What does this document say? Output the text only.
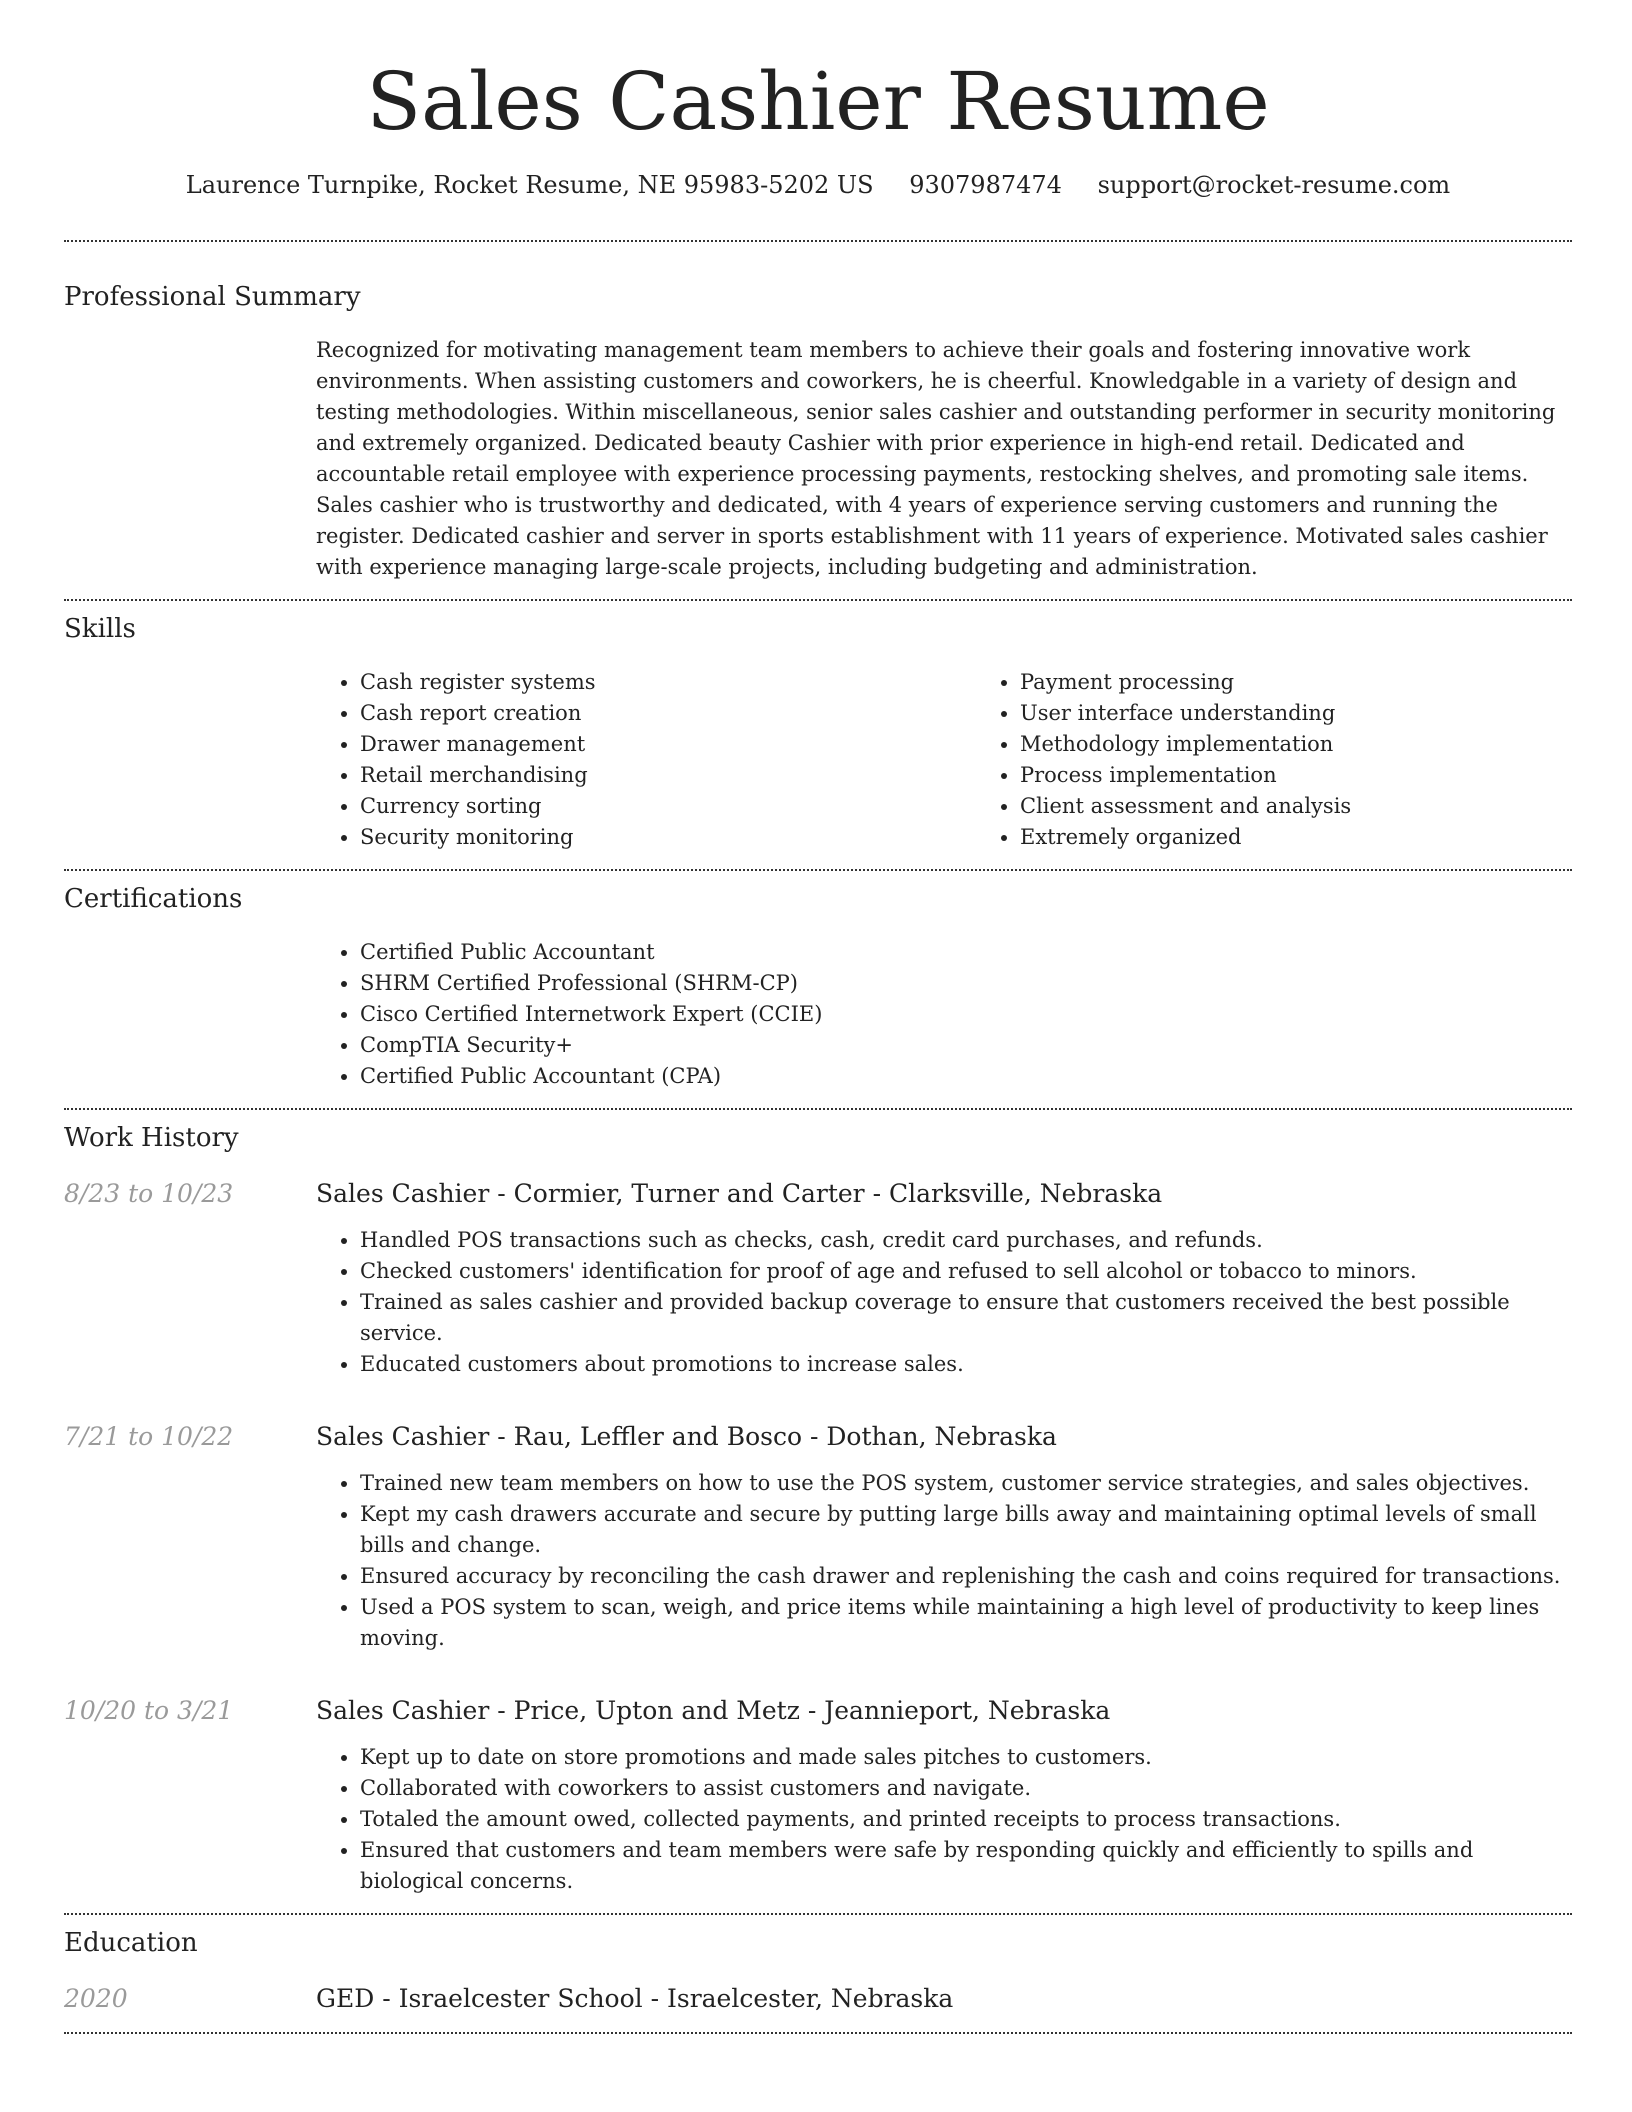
Sales Cashier Resume
Laurence Turnpike, Rocket Resume, NE 95983-5202 US 9307987474 support@rocket-resume.com
Professional Summary

Recognized for motivating management team members to achieve their goals and fostering innovative work environments. When assisting customers and coworkers, he is cheerful. Knowledgable in a variety of design and testing methodologies. Within miscellaneous, senior sales cashier and outstanding performer in security monitoring and extremely organized. Dedicated beauty Cashier with prior experience in high-end retail. Dedicated and accountable retail employee with experience processing payments, restocking shelves, and promoting sale items. Sales cashier who is trustworthy and dedicated, with 4 years of experience serving customers and running the register. Dedicated cashier and server in sports establishment with 11 years of experience. Motivated sales cashier with experience managing large-scale projects, including budgeting and administration.

Skills
• Cash register systems
• Cash report creation
• Drawer management
• Retail merchandising
• Currency sorting
• Security monitoring
• Payment processing
• User interface understanding
• Methodology implementation
• Process implementation
• Client assessment and analysis
• Extremely organized
Certifications
• Certified Public Accountant
• SHRM Certified Professional (SHRM-CP)
• Cisco Certified Internetwork Expert (CCIE)
• CompTIA Security+
• Certified Public Accountant (CPA)
Work History
8/23 to 10/23	Sales Cashier - Cormier, Turner and Carter - Clarksville, Nebraska
• Handled POS transactions such as checks, cash, credit card purchases, and refunds.
• Checked customers' identification for proof of age and refused to sell alcohol or tobacco to minors.
• Trained as sales cashier and provided backup coverage to ensure that customers received the best possible service.
• Educated customers about promotions to increase sales.
7/21 to 10/22	Sales Cashier - Rau, Leffler and Bosco - Dothan, Nebraska
• Trained new team members on how to use the POS system, customer service strategies, and sales objectives.
• Kept my cash drawers accurate and secure by putting large bills away and maintaining optimal levels of small bills and change.
• Ensured accuracy by reconciling the cash drawer and replenishing the cash and coins required for transactions.
• Used a POS system to scan, weigh, and price items while maintaining a high level of productivity to keep lines moving.
10/20 to 3/21	Sales Cashier - Price, Upton and Metz - Jeannieport, Nebraska
• Kept up to date on store promotions and made sales pitches to customers.
• Collaborated with coworkers to assist customers and navigate.
• Totaled the amount owed, collected payments, and printed receipts to process transactions.
• Ensured that customers and team members were safe by responding quickly and efficiently to spills and biological concerns.
Education
2020	GED - Israelcester School - Israelcester, Nebraska
